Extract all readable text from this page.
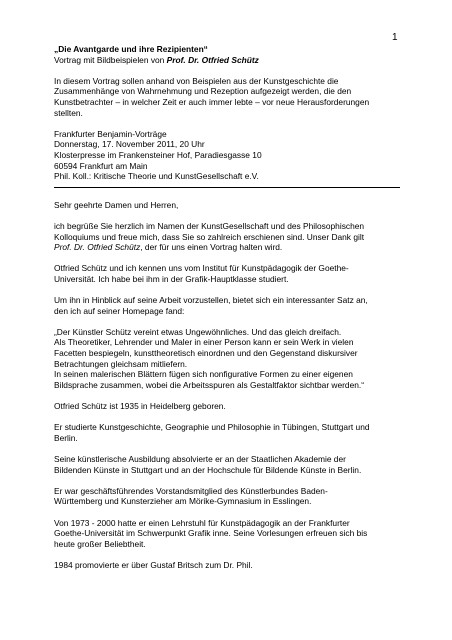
1

„Die Avantgarde und ihre Rezipienten“

Vortrag mit Bildbeispielen von Prof. Dr. Otfried Schütz

In diesem Vortrag sollen anhand von Beispielen aus der Kunstgeschichte die
Zusammenhänge von Wahrnehmung und Rezeption aufgezeigt werden, die den
Kunstbetrachter – in welcher Zeit er auch immer lebte – vor neue Herausforderungen
stellten.

Frankfurter Benjamin-Vorträge
Donnerstag, 17. November 2011, 20 Uhr
Klosterpresse im Frankensteiner Hof, Paradiesgasse 10
60594 Frankfurt am Main
Phil. Koll.: Kritische Theorie und KunstGesellschaft e.V.

Sehr geehrte Damen und Herren,

ich begrüße Sie herzlich im Namen der KunstGesellschaft und des Philosophischen
Kolloquiums und freue mich, dass Sie so zahlreich erschienen sind. Unser Dank gilt
Prof. Dr. Otfried Schütz, der für uns einen Vortrag halten wird.

Otfried Schütz und ich kennen uns vom Institut für Kunstpädagogik der Goethe-
Universität. Ich habe bei ihm in der Grafik-Hauptklasse studiert.

Um ihn in Hinblick auf seine Arbeit vorzustellen, bietet sich ein interessanter Satz an,
den ich auf seiner Homepage fand:

„Der Künstler Schütz vereint etwas Ungewöhnliches. Und das gleich dreifach.
Als Theoretiker, Lehrender und Maler in einer Person kann er sein Werk in vielen
Facetten bespiegeln, kunsttheoretisch einordnen und den Gegenstand diskursiver
Betrachtungen gleichsam mitliefern.
In seinen malerischen Blättern fügen sich nonfigurative Formen zu einer eigenen
Bildsprache zusammen, wobei die Arbeitsspuren als Gestaltfaktor sichtbar werden.“

Otfried Schütz ist 1935 in Heidelberg geboren.

Er studierte Kunstgeschichte, Geographie und Philosophie in Tübingen, Stuttgart und
Berlin.

Seine künstlerische Ausbildung absolvierte er an der Staatlichen Akademie der
Bildenden Künste in Stuttgart und an der Hochschule für Bildende Künste in Berlin.

Er war geschäftsführendes Vorstandsmitglied des Künstlerbundes Baden-
Württemberg und Kunsterzieher am Mörike-Gymnasium in Esslingen.

Von 1973 - 2000 hatte er einen Lehrstuhl für Kunstpädagogik an der Frankfurter
Goethe-Universität im Schwerpunkt Grafik inne. Seine Vorlesungen erfreuen sich bis
heute großer Beliebtheit.

1984 promovierte er über Gustaf Britsch zum Dr. Phil.
